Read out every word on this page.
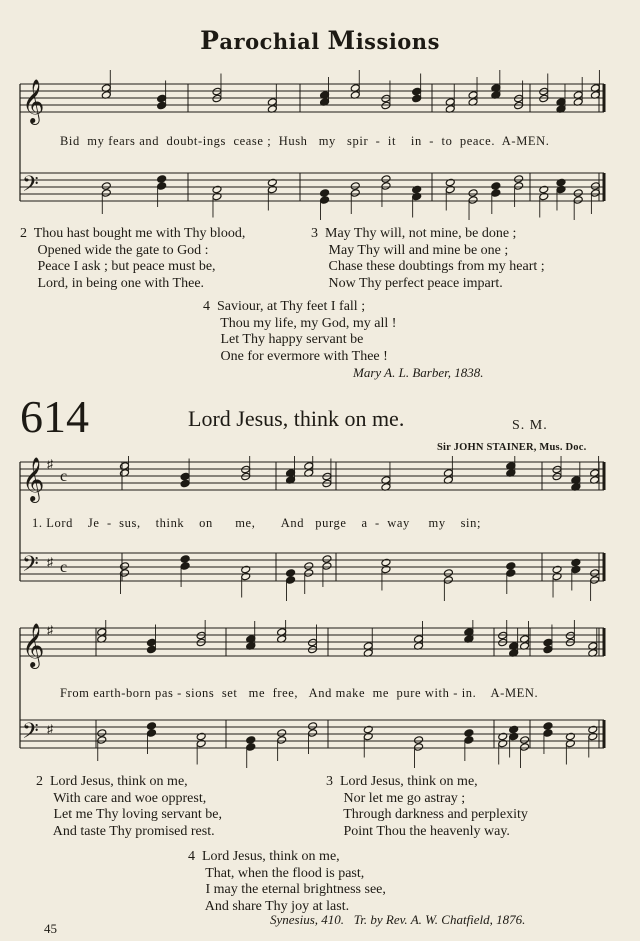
Parochial Missions
𝄞
𝄢
Bid  my fears and  doubt-ings  cease ;  Hush   my   spir  -  it    in  -  to  peace.  A-MEN.
2  Thou hast bought me with Thy blood,
Opened wide the gate to God :
Peace I ask ; but peace must be,
Lord, in being one with Thee.
3  May Thy will, not mine, be done ;
May Thy will and mine be one ;
Chase these doubtings from my heart ;
Now Thy perfect peace impart.
4  Saviour, at Thy feet I fall ;
Thou my life, my God, my all !
Let Thy happy servant be
One for evermore with Thee !
Mary A. L. Barber, 1838.
614	Lord Jesus, think on me.	S. M.
Sir JOHN STAINER, Mus. Doc.
𝄞
𝄢
♯
♯
c
c
1. Lord    Je  -  sus,    think    on      me,       And   purge    a  -  way     my    sin;
𝄞
𝄢
♯
♯
From earth-born pas - sions  set   me  free,   And make  me  pure with - in.    A-MEN.
2  Lord Jesus, think on me,
With care and woe opprest,
Let me Thy loving servant be,
And taste Thy promised rest.
3  Lord Jesus, think on me,
Nor let me go astray ;
Through darkness and perplexity
Point Thou the heavenly way.
4  Lord Jesus, think on me,
That, when the flood is past,
I may the eternal brightness see,
And share Thy joy at last.
Synesius, 410.   Tr. by Rev. A. W. Chatfield, 1876.
45
